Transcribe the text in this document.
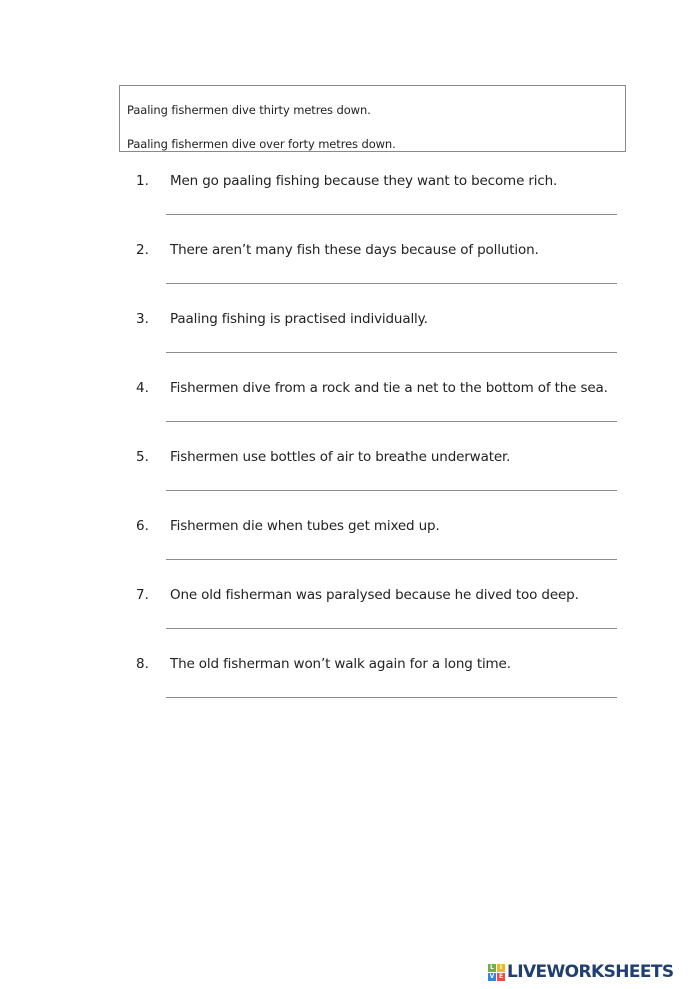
Paaling fishermen dive thirty metres down.
Paaling fishermen dive over forty metres down.
1. Men go paaling fishing because they want to become rich.
2. There aren’t many fish these days because of pollution.
3. Paaling fishing is practised individually.
4. Fishermen dive from a rock and tie a net to the bottom of the sea.
5. Fishermen use bottles of air to breathe underwater.
6. Fishermen die when tubes get mixed up.
7. One old fisherman was paralysed because he dived too deep.
8. The old fisherman won’t walk again for a long time.
L I
V E LIVEWORKSHEETS
